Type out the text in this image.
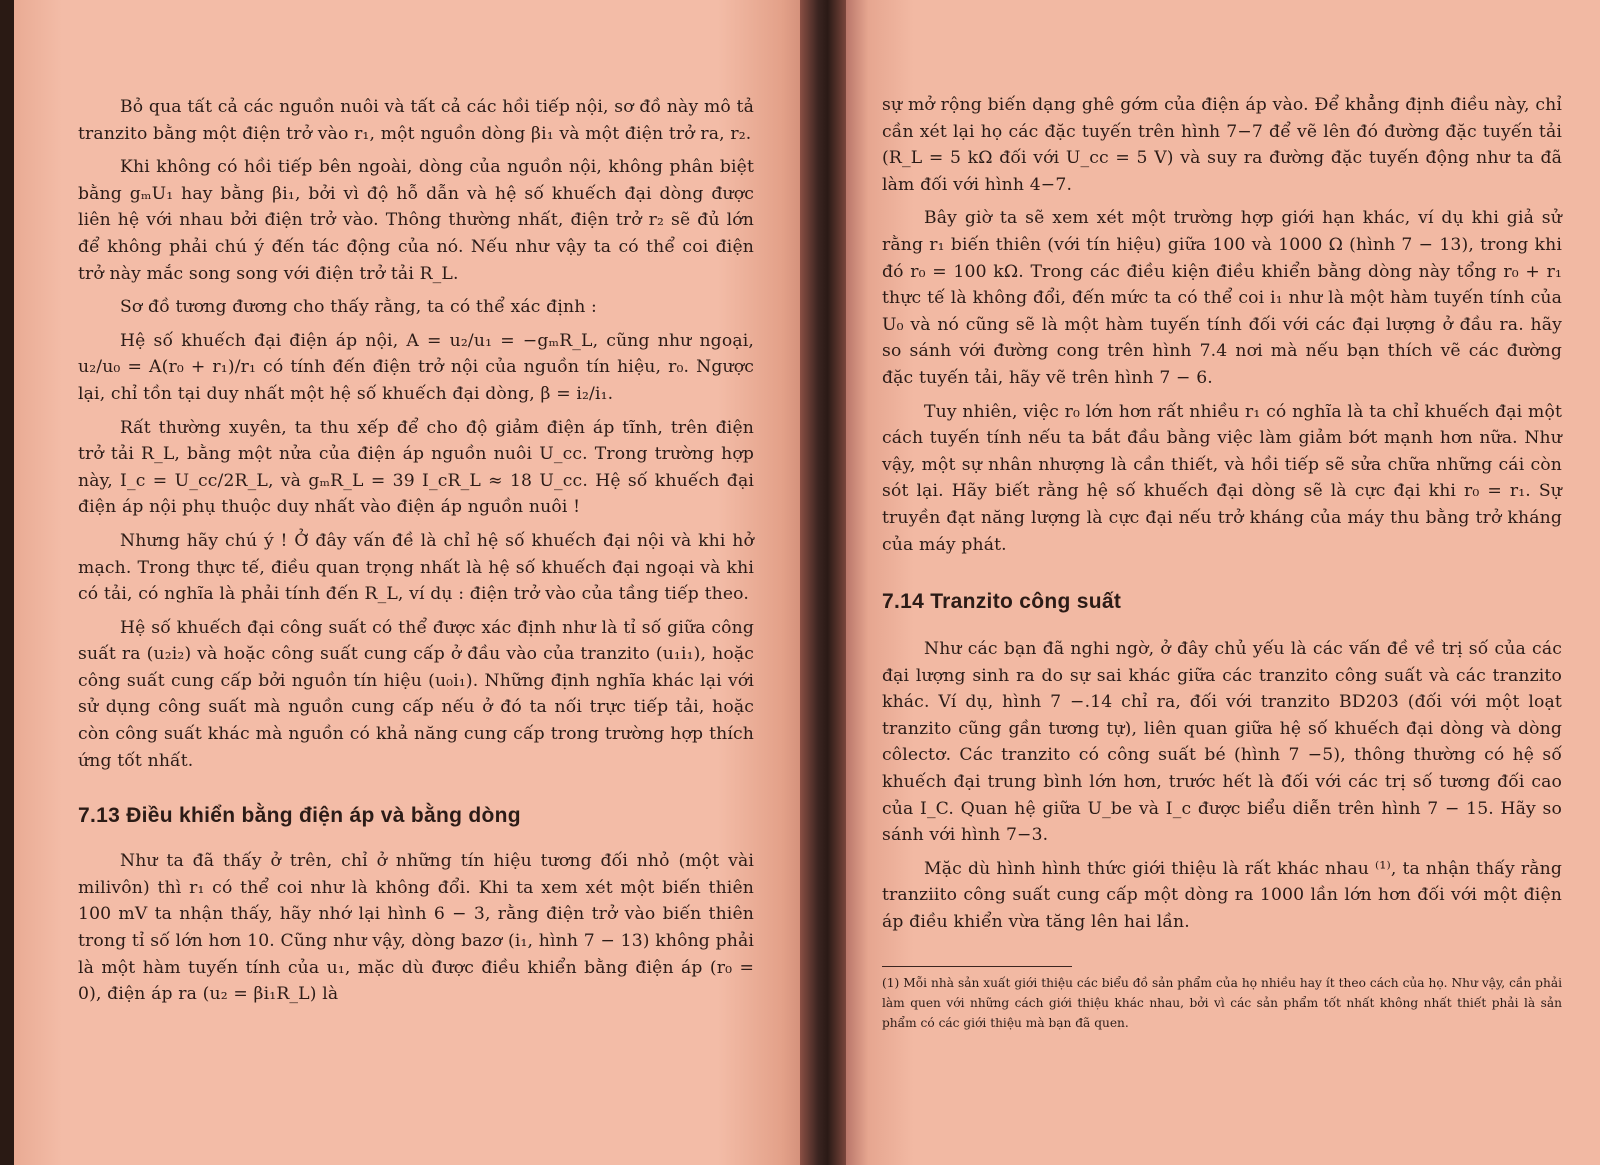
Bỏ qua tất cả các nguồn nuôi và tất cả các hồi tiếp nội, sơ đồ này mô tả tranzito bằng một điện trở vào r₁, một nguồn dòng βi₁ và một điện trở ra, r₂.

Khi không có hồi tiếp bên ngoài, dòng của nguồn nội, không phân biệt bằng gₘU₁ hay bằng βi₁, bởi vì độ hỗ dẫn và hệ số khuếch đại dòng được liên hệ với nhau bởi điện trở vào. Thông thường nhất, điện trở r₂ sẽ đủ lớn để không phải chú ý đến tác động của nó. Nếu như vậy ta có thể coi điện trở này mắc song song với điện trở tải R_L.

Sơ đồ tương đương cho thấy rằng, ta có thể xác định :

Hệ số khuếch đại điện áp nội, A = u₂/u₁ = −gₘR_L, cũng như ngoại, u₂/u₀ = A(r₀ + r₁)/r₁ có tính đến điện trở nội của nguồn tín hiệu, r₀. Ngược lại, chỉ tồn tại duy nhất một hệ số khuếch đại dòng, β = i₂/i₁.

Rất thường xuyên, ta thu xếp để cho độ giảm điện áp tĩnh, trên điện trở tải R_L, bằng một nửa của điện áp nguồn nuôi U_cc. Trong trường hợp này, I_c = U_cc/2R_L, và gₘR_L = 39 I_cR_L ≈ 18 U_cc. Hệ số khuếch đại điện áp nội phụ thuộc duy nhất vào điện áp nguồn nuôi !

Nhưng hãy chú ý ! Ở đây vấn đề là chỉ hệ số khuếch đại nội và khi hở mạch. Trong thực tế, điều quan trọng nhất là hệ số khuếch đại ngoại và khi có tải, có nghĩa là phải tính đến R_L, ví dụ : điện trở vào của tầng tiếp theo.

Hệ số khuếch đại công suất có thể được xác định như là tỉ số giữa công suất ra (u₂i₂) và hoặc công suất cung cấp ở đầu vào của tranzito (u₁i₁), hoặc công suất cung cấp bởi nguồn tín hiệu (u₀i₁). Những định nghĩa khác lại với sử dụng công suất mà nguồn cung cấp nếu ở đó ta nối trực tiếp tải, hoặc còn công suất khác mà nguồn có khả năng cung cấp trong trường hợp thích ứng tốt nhất.

7.13 Điều khiển bằng điện áp và bằng dòng

Như ta đã thấy ở trên, chỉ ở những tín hiệu tương đối nhỏ (một vài milivôn) thì r₁ có thể coi như là không đổi. Khi ta xem xét một biến thiên 100 mV ta nhận thấy, hãy nhớ lại hình 6 − 3, rằng điện trở vào biến thiên trong tỉ số lớn hơn 10. Cũng như vậy, dòng bazơ (i₁, hình 7 − 13) không phải là một hàm tuyến tính của u₁, mặc dù được điều khiển bằng điện áp (r₀ = 0), điện áp ra (u₂ = βi₁R_L) là

sự mở rộng biến dạng ghê gớm của điện áp vào. Để khẳng định điều này, chỉ cần xét lại họ các đặc tuyến trên hình 7−7 để vẽ lên đó đường đặc tuyến tải (R_L = 5 kΩ đối với U_cc = 5 V) và suy ra đường đặc tuyến động như ta đã làm đối với hình 4−7.

Bây giờ ta sẽ xem xét một trường hợp giới hạn khác, ví dụ khi giả sử rằng r₁ biến thiên (với tín hiệu) giữa 100 và 1000 Ω (hình 7 − 13), trong khi đó r₀ = 100 kΩ. Trong các điều kiện điều khiển bằng dòng này tổng r₀ + r₁ thực tế là không đổi, đến mức ta có thể coi i₁ như là một hàm tuyến tính của U₀ và nó cũng sẽ là một hàm tuyến tính đối với các đại lượng ở đầu ra. hãy so sánh với đường cong trên hình 7.4 nơi mà nếu bạn thích vẽ các đường đặc tuyến tải, hãy vẽ trên hình 7 − 6.

Tuy nhiên, việc r₀ lớn hơn rất nhiều r₁ có nghĩa là ta chỉ khuếch đại một cách tuyến tính nếu ta bắt đầu bằng việc làm giảm bớt mạnh hơn nữa. Như vậy, một sự nhân nhượng là cần thiết, và hồi tiếp sẽ sửa chữa những cái còn sót lại. Hãy biết rằng hệ số khuếch đại dòng sẽ là cực đại khi r₀ = r₁. Sự truyền đạt năng lượng là cực đại nếu trở kháng của máy thu bằng trở kháng của máy phát.

7.14 Tranzito công suất

Như các bạn đã nghi ngờ, ở đây chủ yếu là các vấn đề về trị số của các đại lượng sinh ra do sự sai khác giữa các tranzito công suất và các tranzito khác. Ví dụ, hình 7 −.14 chỉ ra, đối với tranzito BD203 (đối với một loạt tranzito cũng gần tương tự), liên quan giữa hệ số khuếch đại dòng và dòng côlectơ. Các tranzito có công suất bé (hình 7 −5), thông thường có hệ số khuếch đại trung bình lớn hơn, trước hết là đối với các trị số tương đối cao của I_C. Quan hệ giữa U_be và I_c được biểu diễn trên hình 7 − 15. Hãy so sánh với hình 7−3.

Mặc dù hình hình thức giới thiệu là rất khác nhau ⁽¹⁾, ta nhận thấy rằng tranziito công suất cung cấp một dòng ra 1000 lần lớn hơn đối với một điện áp điều khiển vừa tăng lên hai lần.

(1) Mỗi nhà sản xuất giới thiệu các biểu đồ sản phẩm của họ nhiều hay ít theo cách của họ. Như vậy, cần phải làm quen với những cách giới thiệu khác nhau, bởi vì các sản phẩm tốt nhất không nhất thiết phải là sản phẩm có các giới thiệu mà bạn đã quen.
